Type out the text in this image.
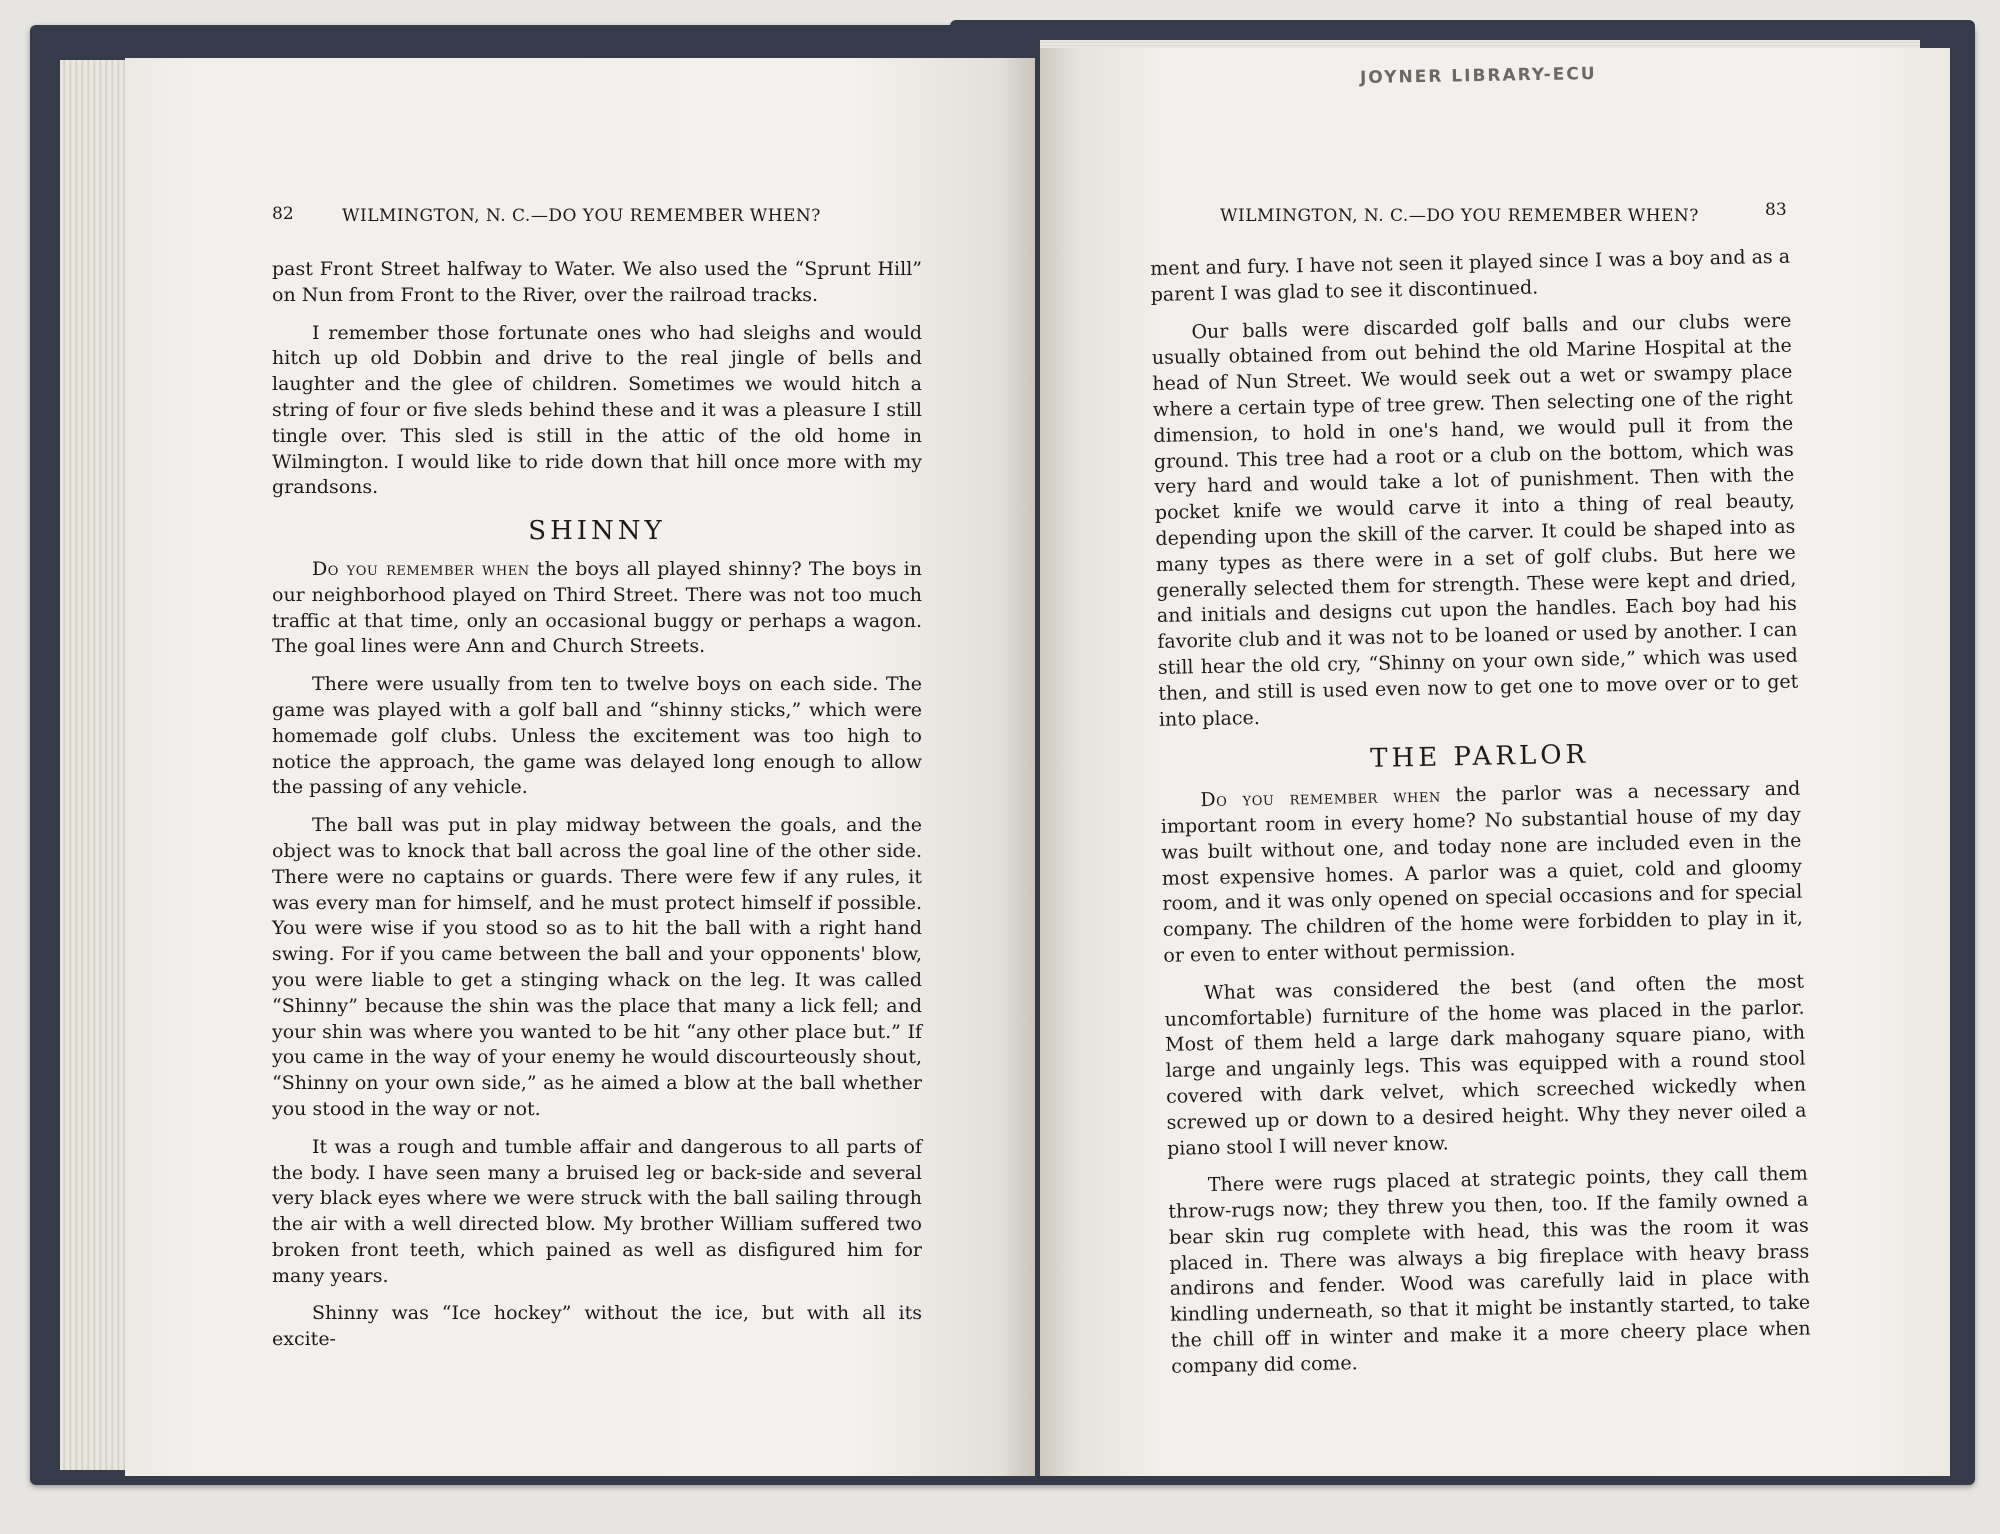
82	WILMINGTON, N. C.—DO YOU REMEMBER WHEN?

past Front Street halfway to Water. We also used the “Sprunt Hill” on Nun from Front to the River, over the railroad tracks.

I remember those fortunate ones who had sleighs and would hitch up old Dobbin and drive to the real jingle of bells and laughter and the glee of children. Sometimes we would hitch a string of four or five sleds behind these and it was a pleasure I still tingle over. This sled is still in the attic of the old home in Wilmington. I would like to ride down that hill once more with my grandsons.

SHINNY

Do you remember when the boys all played shinny? The boys in our neighborhood played on Third Street. There was not too much traffic at that time, only an occasional buggy or perhaps a wagon. The goal lines were Ann and Church Streets.

There were usually from ten to twelve boys on each side. The game was played with a golf ball and “shinny sticks,” which were homemade golf clubs. Unless the excitement was too high to notice the approach, the game was delayed long enough to allow the passing of any vehicle.

The ball was put in play midway between the goals, and the object was to knock that ball across the goal line of the other side. There were no captains or guards. There were few if any rules, it was every man for himself, and he must protect himself if possible. You were wise if you stood so as to hit the ball with a right hand swing. For if you came between the ball and your opponents' blow, you were liable to get a stinging whack on the leg. It was called “Shinny” because the shin was the place that many a lick fell; and your shin was where you wanted to be hit “any other place but.” If you came in the way of your enemy he would discourteously shout, “Shinny on your own side,” as he aimed a blow at the ball whether you stood in the way or not.

It was a rough and tumble affair and dangerous to all parts of the body. I have seen many a bruised leg or back-side and several very black eyes where we were struck with the ball sailing through the air with a well directed blow. My brother William suffered two broken front teeth, which pained as well as disfigured him for many years.

Shinny was “Ice hockey” without the ice, but with all its excite-

JOYNER LIBRARY-ECU
WILMINGTON, N. C.—DO YOU REMEMBER WHEN?	83

ment and fury. I have not seen it played since I was a boy and as a parent I was glad to see it discontinued.

Our balls were discarded golf balls and our clubs were usually obtained from out behind the old Marine Hospital at the head of Nun Street. We would seek out a wet or swampy place where a certain type of tree grew. Then selecting one of the right dimension, to hold in one's hand, we would pull it from the ground. This tree had a root or a club on the bottom, which was very hard and would take a lot of punishment. Then with the pocket knife we would carve it into a thing of real beauty, depending upon the skill of the carver. It could be shaped into as many types as there were in a set of golf clubs. But here we generally selected them for strength. These were kept and dried, and initials and designs cut upon the handles. Each boy had his favorite club and it was not to be loaned or used by another. I can still hear the old cry, “Shinny on your own side,” which was used then, and still is used even now to get one to move over or to get into place.

THE PARLOR

Do you remember when the parlor was a necessary and important room in every home? No substantial house of my day was built without one, and today none are included even in the most expensive homes. A parlor was a quiet, cold and gloomy room, and it was only opened on special occasions and for special company. The children of the home were forbidden to play in it, or even to enter without permission.

What was considered the best (and often the most uncomfortable) furniture of the home was placed in the parlor. Most of them held a large dark mahogany square piano, with large and ungainly legs. This was equipped with a round stool covered with dark velvet, which screeched wickedly when screwed up or down to a desired height. Why they never oiled a piano stool I will never know.

There were rugs placed at strategic points, they call them throw-rugs now; they threw you then, too. If the family owned a bear skin rug complete with head, this was the room it was placed in. There was always a big fireplace with heavy brass andirons and fender. Wood was carefully laid in place with kindling underneath, so that it might be instantly started, to take the chill off in winter and make it a more cheery place when company did come.
